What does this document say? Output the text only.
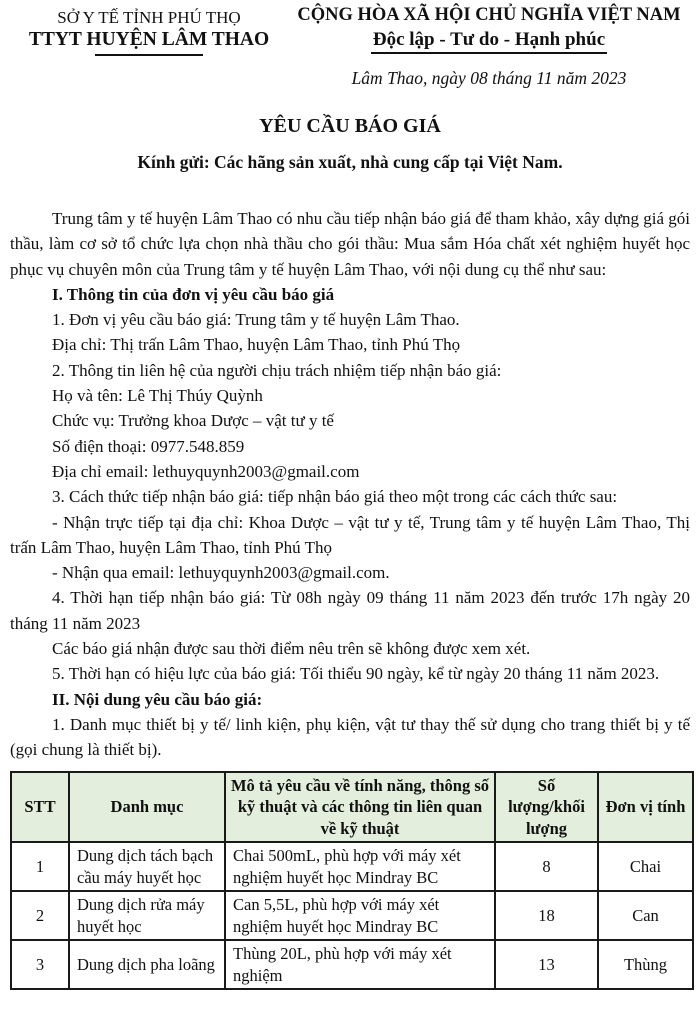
SỞ Y TẾ TỈNH PHÚ THỌ
TTYT HUYỆN LÂM THAO
CỘNG HÒA XÃ HỘI CHỦ NGHĨA VIỆT NAM
Độc lập - Tư do - Hạnh phúc
Lâm Thao, ngày 08 tháng 11 năm 2023
YÊU CẦU BÁO GIÁ
Kính gửi: Các hãng sản xuất, nhà cung cấp tại Việt Nam.

Trung tâm y tế huyện Lâm Thao có nhu cầu tiếp nhận báo giá để tham khảo, xây dựng giá gói thầu, làm cơ sở tổ chức lựa chọn nhà thầu cho gói thầu: Mua sắm Hóa chất xét nghiệm huyết học phục vụ chuyên môn của Trung tâm y tế huyện Lâm Thao, với nội dung cụ thể như sau:

I. Thông tin của đơn vị yêu cầu báo giá

1. Đơn vị yêu cầu báo giá: Trung tâm y tế huyện Lâm Thao.

Địa chỉ: Thị trấn Lâm Thao, huyện Lâm Thao, tỉnh Phú Thọ

2. Thông tin liên hệ của người chịu trách nhiệm tiếp nhận báo giá:

Họ và tên: Lê Thị Thúy Quỳnh

Chức vụ: Trưởng khoa Dược – vật tư y tế

Số điện thoại: 0977.548.859

Địa chỉ email: lethuyquynh2003@gmail.com

3. Cách thức tiếp nhận báo giá: tiếp nhận báo giá theo một trong các cách thức sau:

- Nhận trực tiếp tại địa chỉ: Khoa Dược – vật tư y tế, Trung tâm y tế huyện Lâm Thao, Thị trấn Lâm Thao, huyện Lâm Thao, tỉnh Phú Thọ

- Nhận qua email: lethuyquynh2003@gmail.com.

4. Thời hạn tiếp nhận báo giá: Từ 08h ngày 09 tháng 11 năm 2023 đến trước 17h ngày 20 tháng 11 năm 2023

Các báo giá nhận được sau thời điểm nêu trên sẽ không được xem xét.

5. Thời hạn có hiệu lực của báo giá: Tối thiểu 90 ngày, kể từ ngày 20 tháng 11 năm 2023.

II. Nội dung yêu cầu báo giá:

1. Danh mục thiết bị y tế/ linh kiện, phụ kiện, vật tư thay thế sử dụng cho trang thiết bị y tế (gọi chung là thiết bị).

STT	Danh mục	Mô tả yêu cầu về tính năng, thông số kỹ thuật và các thông tin liên quan về kỹ thuật	Số lượng/khối lượng	Đơn vị tính
1	Dung dịch tách bạch cầu máy huyết học	Chai 500mL, phù hợp với máy xét nghiệm huyết học Mindray BC	8	Chai
2	Dung dịch rửa máy huyết học	Can 5,5L, phù hợp với máy xét nghiệm huyết học Mindray BC	18	Can
3	Dung dịch pha loãng	Thùng 20L, phù hợp với máy xét nghiệm	13	Thùng
